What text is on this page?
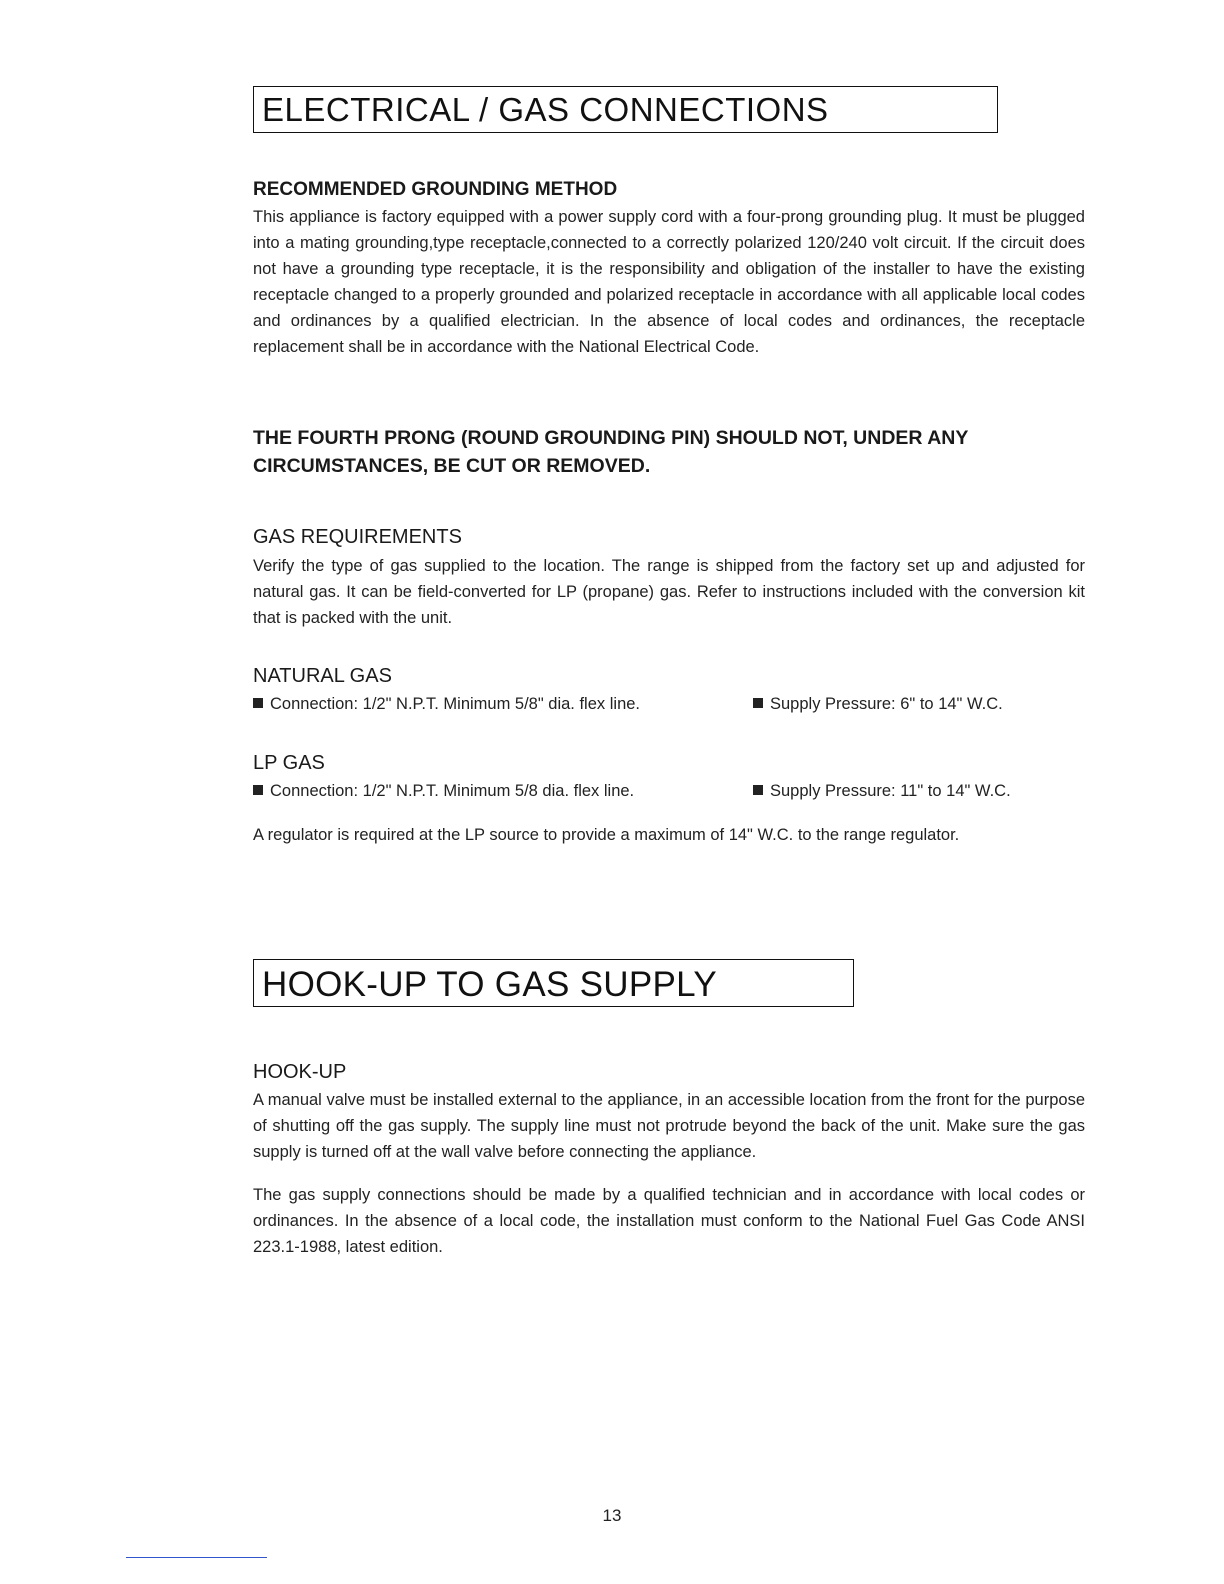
ELECTRICAL / GAS CONNECTIONS
RECOMMENDED GROUNDING METHOD

This appliance is factory equipped with a power supply cord with a four-prong grounding plug. It must be plugged into a mating grounding,type receptacle,connected to a correctly polarized 120/240 volt circuit. If the circuit does not have a grounding type receptacle, it is the responsibility and obligation of the installer to have the existing receptacle changed to a properly grounded and polarized receptacle in accordance with all applicable local codes and ordinances by a qualified electrician. In the absence of local codes and ordinances, the receptacle replacement shall be in accordance with the National Electrical Code.

THE FOURTH PRONG (ROUND GROUNDING PIN) SHOULD NOT, UNDER ANY CIRCUMSTANCES, BE CUT OR REMOVED.

GAS REQUIREMENTS

Verify the type of gas supplied to the location. The range is shipped from the factory set up and adjusted for natural gas. It can be field-converted for LP (propane) gas. Refer to instructions included with the conversion kit that is packed with the unit.

NATURAL GAS
Connection: 1/2" N.P.T. Minimum 5/8" dia. flex line.	Supply Pressure: 6" to 14" W.C.
LP GAS
Connection: 1/2" N.P.T. Minimum 5/8 dia. flex line.	Supply Pressure: 11" to 14" W.C.

A regulator is required at the LP source to provide a maximum of 14" W.C. to the range regulator.

HOOK-UP TO GAS SUPPLY
HOOK-UP

A manual valve must be installed external to the appliance, in an accessible location from the front for the purpose of shutting off the gas supply. The supply line must not protrude beyond the back of the unit. Make sure the gas supply is turned off at the wall valve before connecting the appliance.

The gas supply connections should be made by a qualified technician and in accordance with local codes or ordinances. In the absence of a local code, the installation must conform to the National Fuel Gas Code ANSI 223.1-1988, latest edition.

13
